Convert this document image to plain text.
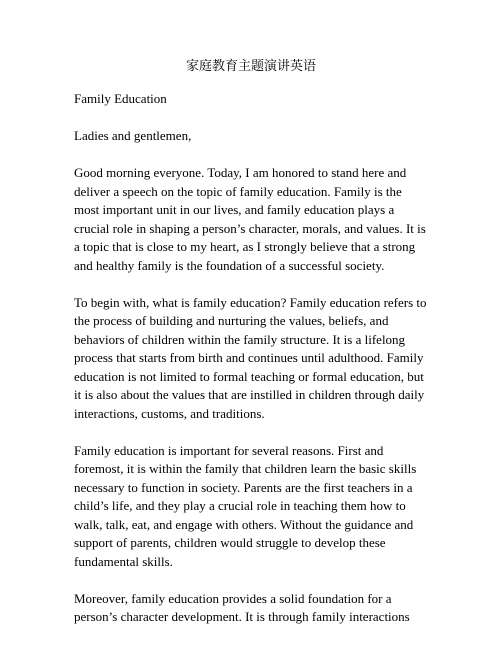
家庭教育主题演讲英语

Family Education

Ladies and gentlemen,

Good morning everyone. Today, I am honored to stand here and deliver a speech on the topic of family education. Family is the most important unit in our lives, and family education plays a crucial role in shaping a person’s character, morals, and values. It is a topic that is close to my heart, as I strongly believe that a strong and healthy family is the foundation of a successful society.

To begin with, what is family education? Family education refers to the process of building and nurturing the values, beliefs, and behaviors of children within the family structure. It is a lifelong process that starts from birth and continues until adulthood. Family education is not limited to formal teaching or formal education, but it is also about the values that are instilled in children through daily interactions, customs, and traditions.

Family education is important for several reasons. First and foremost, it is within the family that children learn the basic skills necessary to function in society. Parents are the first teachers in a child’s life, and they play a crucial role in teaching them how to walk, talk, eat, and engage with others. Without the guidance and support of parents, children would struggle to develop these fundamental skills.

Moreover, family education provides a solid foundation for a person’s character development. It is through family interactions
